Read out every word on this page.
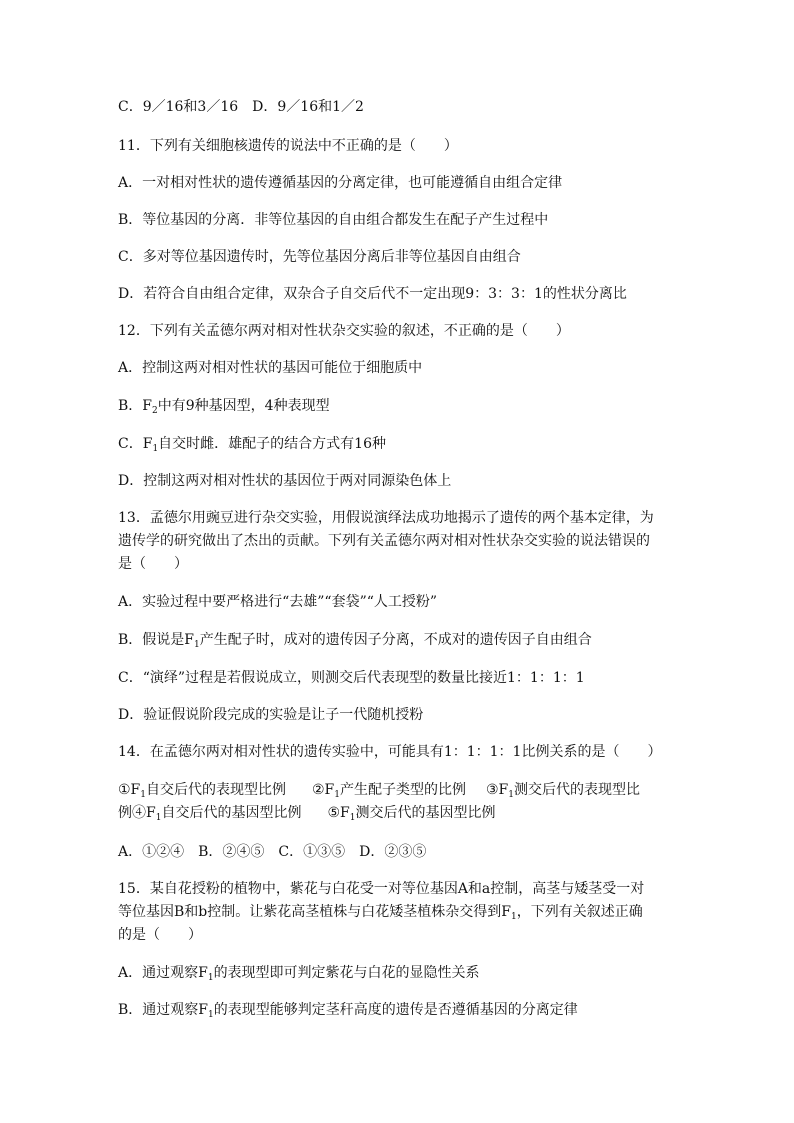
C．9／16和3／16　D．9／16和1／2
11．下列有关细胞核遗传的说法中不正确的是（　　）
A．一对相对性状的遗传遵循基因的分离定律，也可能遵循自由组合定律
B．等位基因的分离．非等位基因的自由组合都发生在配子产生过程中
C．多对等位基因遗传时，先等位基因分离后非等位基因自由组合
D．若符合自由组合定律，双杂合子自交后代不一定出现9：3：3：1的性状分离比
12．下列有关孟德尔两对相对性状杂交实验的叙述，不正确的是（　　）
A．控制这两对相对性状的基因可能位于细胞质中
B．$F_2$中有9种基因型，4种表现型
C．$F_1$自交时雌．雄配子的结合方式有16种
D．控制这两对相对性状的基因位于两对同源染色体上
13．孟德尔用豌豆进行杂交实验，用假说演绎法成功地揭示了遗传的两个基本定律，为
遗传学的研究做出了杰出的贡献。下列有关孟德尔两对相对性状杂交实验的说法错误的
是（　　）
A．实验过程中要严格进行“去雄”“套袋”“人工授粉”
B．假说是$F_1$产生配子时，成对的遗传因子分离，不成对的遗传因子自由组合
C．“演绎”过程是若假说成立，则测交后代表现型的数量比接近1：1：1：1
D．验证假说阶段完成的实验是让子一代随机授粉
14．在孟德尔两对相对性状的遗传实验中，可能具有1：1：1：1比例关系的是（　　）
$①F_1$自交后代的表现型比例 $②F_1$产生配子类型的比例 $③F_1$测交后代的表现型比
例$④F_1$自交后代的基因型比例 $⑤F_1$测交后代的基因型比例
A．①②④　B．②④⑤　C．①③⑤　D．②③⑤
15．某自花授粉的植物中，紫花与白花受一对等位基因A和a控制，高茎与矮茎受一对
等位基因B和b控制。让紫花高茎植株与白花矮茎植株杂交得到$F_1$，下列有关叙述正确
的是（　　）
A．通过观察$F_1$的表现型即可判定紫花与白花的显隐性关系
B．通过观察$F_1$的表现型能够判定茎秆高度的遗传是否遵循基因的分离定律
